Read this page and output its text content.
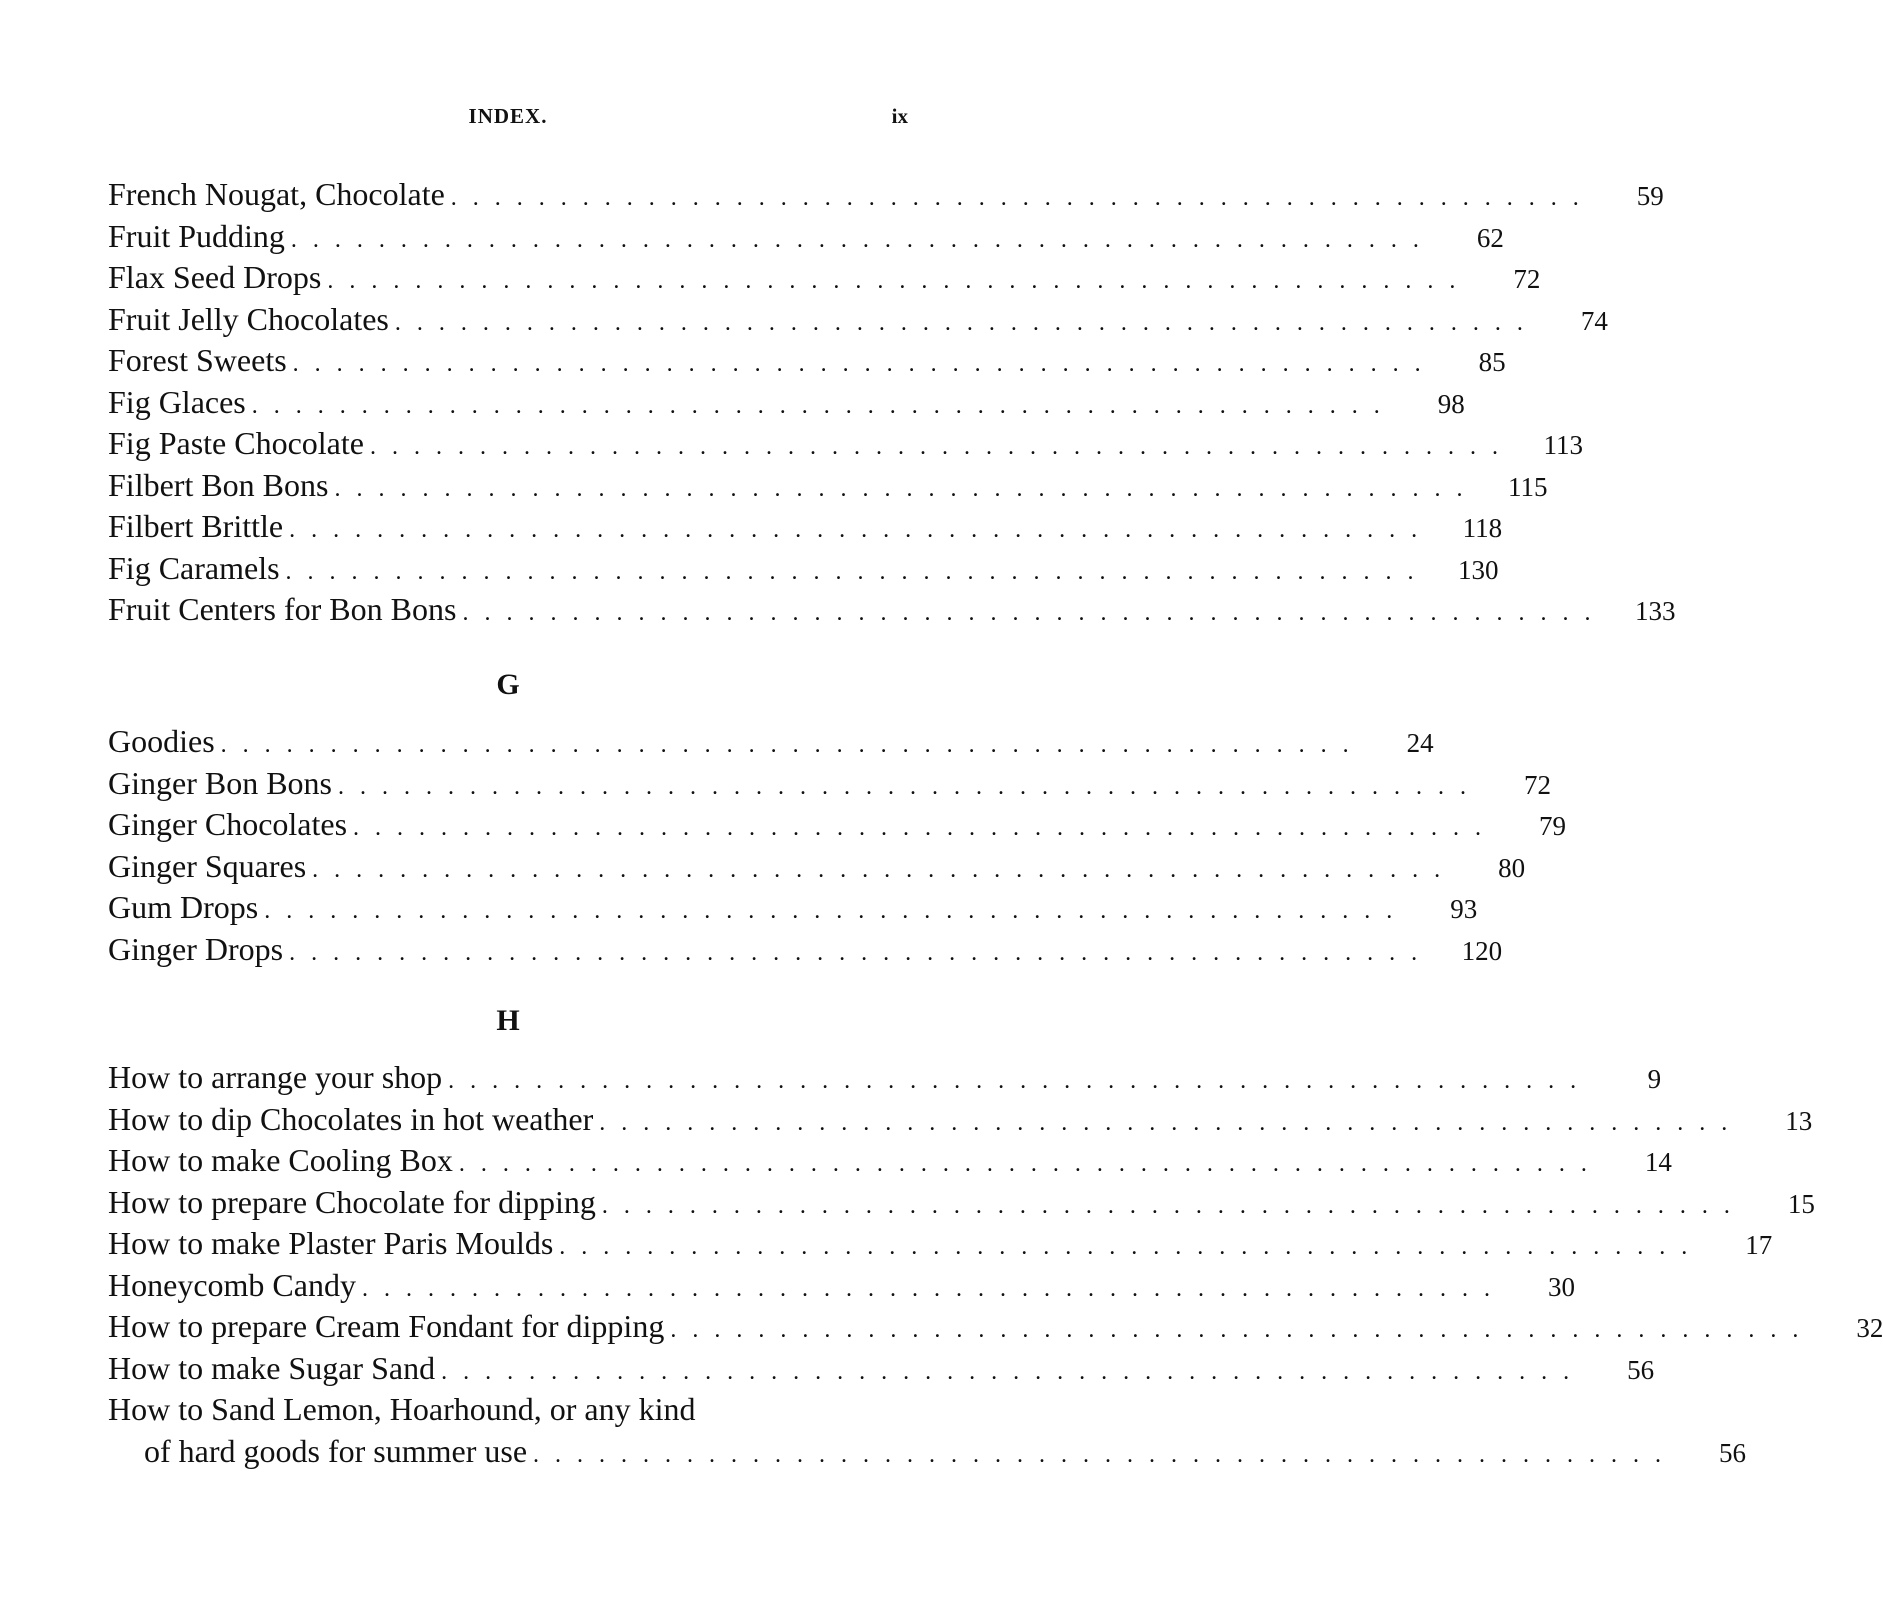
INDEX.	ix
French Nougat, Chocolate . . . . . . . . . . . . . . . . . . . . . . . . . . . . . . . . . . . . . . . . . . . . . . . . . . . .	59
Fruit Pudding . . . . . . . . . . . . . . . . . . . . . . . . . . . . . . . . . . . . . . . . . . . . . . . . . . . .	62
Flax Seed Drops . . . . . . . . . . . . . . . . . . . . . . . . . . . . . . . . . . . . . . . . . . . . . . . . . . . .	72
Fruit Jelly Chocolates . . . . . . . . . . . . . . . . . . . . . . . . . . . . . . . . . . . . . . . . . . . . . . . . . . . .	74
Forest Sweets . . . . . . . . . . . . . . . . . . . . . . . . . . . . . . . . . . . . . . . . . . . . . . . . . . . .	85
Fig Glaces . . . . . . . . . . . . . . . . . . . . . . . . . . . . . . . . . . . . . . . . . . . . . . . . . . . .	98
Fig Paste Chocolate . . . . . . . . . . . . . . . . . . . . . . . . . . . . . . . . . . . . . . . . . . . . . . . . . . . .	113
Filbert Bon Bons . . . . . . . . . . . . . . . . . . . . . . . . . . . . . . . . . . . . . . . . . . . . . . . . . . . .	115
Filbert Brittle . . . . . . . . . . . . . . . . . . . . . . . . . . . . . . . . . . . . . . . . . . . . . . . . . . . .	118
Fig Caramels . . . . . . . . . . . . . . . . . . . . . . . . . . . . . . . . . . . . . . . . . . . . . . . . . . . .	130
Fruit Centers for Bon Bons . . . . . . . . . . . . . . . . . . . . . . . . . . . . . . . . . . . . . . . . . . . . . . . . . . . .	133
G
Goodies . . . . . . . . . . . . . . . . . . . . . . . . . . . . . . . . . . . . . . . . . . . . . . . . . . . .	24
Ginger Bon Bons . . . . . . . . . . . . . . . . . . . . . . . . . . . . . . . . . . . . . . . . . . . . . . . . . . . .	72
Ginger Chocolates . . . . . . . . . . . . . . . . . . . . . . . . . . . . . . . . . . . . . . . . . . . . . . . . . . . .	79
Ginger Squares . . . . . . . . . . . . . . . . . . . . . . . . . . . . . . . . . . . . . . . . . . . . . . . . . . . .	80
Gum Drops . . . . . . . . . . . . . . . . . . . . . . . . . . . . . . . . . . . . . . . . . . . . . . . . . . . .	93
Ginger Drops . . . . . . . . . . . . . . . . . . . . . . . . . . . . . . . . . . . . . . . . . . . . . . . . . . . .	120
H
How to arrange your shop . . . . . . . . . . . . . . . . . . . . . . . . . . . . . . . . . . . . . . . . . . . . . . . . . . . .	9
How to dip Chocolates in hot weather . . . . . . . . . . . . . . . . . . . . . . . . . . . . . . . . . . . . . . . . . . . . . . . . . . . .	13
How to make Cooling Box . . . . . . . . . . . . . . . . . . . . . . . . . . . . . . . . . . . . . . . . . . . . . . . . . . . .	14
How to prepare Chocolate for dipping . . . . . . . . . . . . . . . . . . . . . . . . . . . . . . . . . . . . . . . . . . . . . . . . . . . .	15
How to make Plaster Paris Moulds . . . . . . . . . . . . . . . . . . . . . . . . . . . . . . . . . . . . . . . . . . . . . . . . . . . .	17
Honeycomb Candy . . . . . . . . . . . . . . . . . . . . . . . . . . . . . . . . . . . . . . . . . . . . . . . . . . . .	30
How to prepare Cream Fondant for dipping . . . . . . . . . . . . . . . . . . . . . . . . . . . . . . . . . . . . . . . . . . . . . . . . . . . .	32
How to make Sugar Sand . . . . . . . . . . . . . . . . . . . . . . . . . . . . . . . . . . . . . . . . . . . . . . . . . . . .	56
How to Sand Lemon, Hoarhound, or any kind
of hard goods for summer use . . . . . . . . . . . . . . . . . . . . . . . . . . . . . . . . . . . . . . . . . . . . . . . . . . . .	56
